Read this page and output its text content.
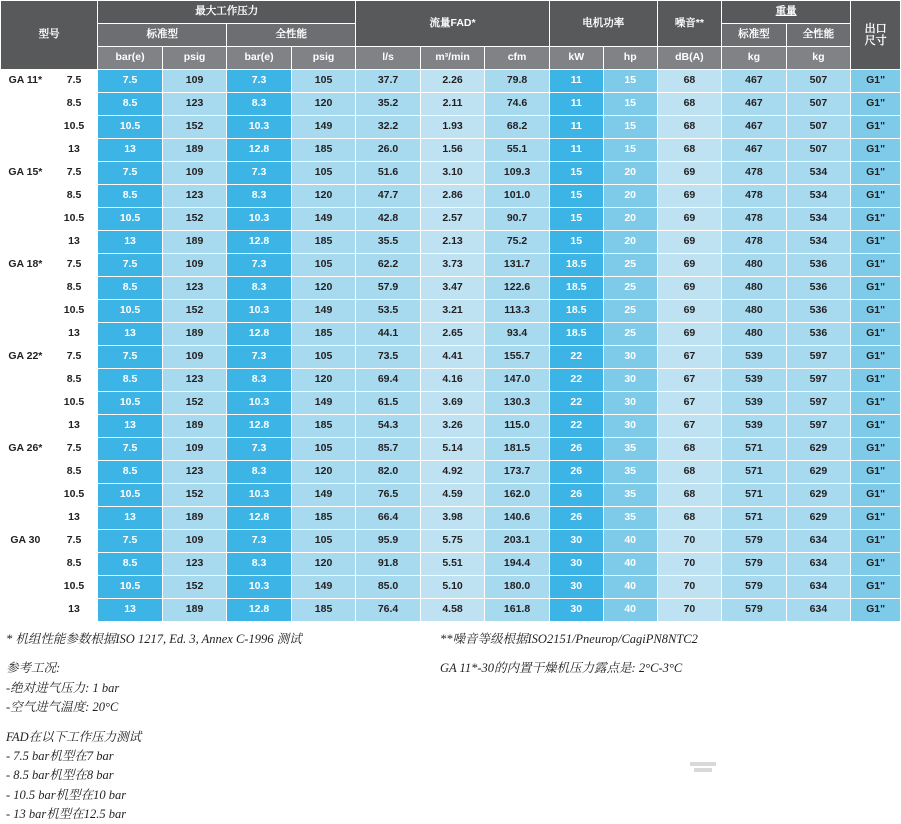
型号		最大工作压力				流量FAD*			电机功率		噪音**	重量		出口
尺寸
		标准型		全性能								标准型	全性能	
		bar(e)	psig	bar(e)	psig	l/s	m³/min	cfm	kW	hp	dB(A)	kg	kg	
GA 11*	7.5	7.5	109	7.3	105	37.7	2.26	79.8	11	15	68	467	507	G1"
	8.5	8.5	123	8.3	120	35.2	2.11	74.6	11	15	68	467	507	G1"
	10.5	10.5	152	10.3	149	32.2	1.93	68.2	11	15	68	467	507	G1"
	13	13	189	12.8	185	26.0	1.56	55.1	11	15	68	467	507	G1"
GA 15*	7.5	7.5	109	7.3	105	51.6	3.10	109.3	15	20	69	478	534	G1"
	8.5	8.5	123	8.3	120	47.7	2.86	101.0	15	20	69	478	534	G1"
	10.5	10.5	152	10.3	149	42.8	2.57	90.7	15	20	69	478	534	G1"
	13	13	189	12.8	185	35.5	2.13	75.2	15	20	69	478	534	G1"
GA 18*	7.5	7.5	109	7.3	105	62.2	3.73	131.7	18.5	25	69	480	536	G1"
	8.5	8.5	123	8.3	120	57.9	3.47	122.6	18.5	25	69	480	536	G1"
	10.5	10.5	152	10.3	149	53.5	3.21	113.3	18.5	25	69	480	536	G1"
	13	13	189	12.8	185	44.1	2.65	93.4	18.5	25	69	480	536	G1"
GA 22*	7.5	7.5	109	7.3	105	73.5	4.41	155.7	22	30	67	539	597	G1"
	8.5	8.5	123	8.3	120	69.4	4.16	147.0	22	30	67	539	597	G1"
	10.5	10.5	152	10.3	149	61.5	3.69	130.3	22	30	67	539	597	G1"
	13	13	189	12.8	185	54.3	3.26	115.0	22	30	67	539	597	G1"
GA 26*	7.5	7.5	109	7.3	105	85.7	5.14	181.5	26	35	68	571	629	G1"
	8.5	8.5	123	8.3	120	82.0	4.92	173.7	26	35	68	571	629	G1"
	10.5	10.5	152	10.3	149	76.5	4.59	162.0	26	35	68	571	629	G1"
	13	13	189	12.8	185	66.4	3.98	140.6	26	35	68	571	629	G1"
GA 30	7.5	7.5	109	7.3	105	95.9	5.75	203.1	30	40	70	579	634	G1"
	8.5	8.5	123	8.3	120	91.8	5.51	194.4	30	40	70	579	634	G1"
	10.5	10.5	152	10.3	149	85.0	5.10	180.0	30	40	70	579	634	G1"
	13	13	189	12.8	185	76.4	4.58	161.8	30	40	70	579	634	G1"
* 机组性能参数根据ISO 1217, Ed. 3, Annex C-1996 测试	**噪音等级根据ISO2151/Pneurop/CagiPN8NTC2
参考工况:	GA 11*-30的内置干燥机压力露点是: 2°C-3°C
-绝对进气压力: 1 bar
-空气进气温度: 20°C
FAD在以下工作压力测试
- 7.5 bar机型在7 bar
- 8.5 bar机型在8 bar
- 10.5 bar机型在10 bar
- 13 bar机型在12.5 bar
